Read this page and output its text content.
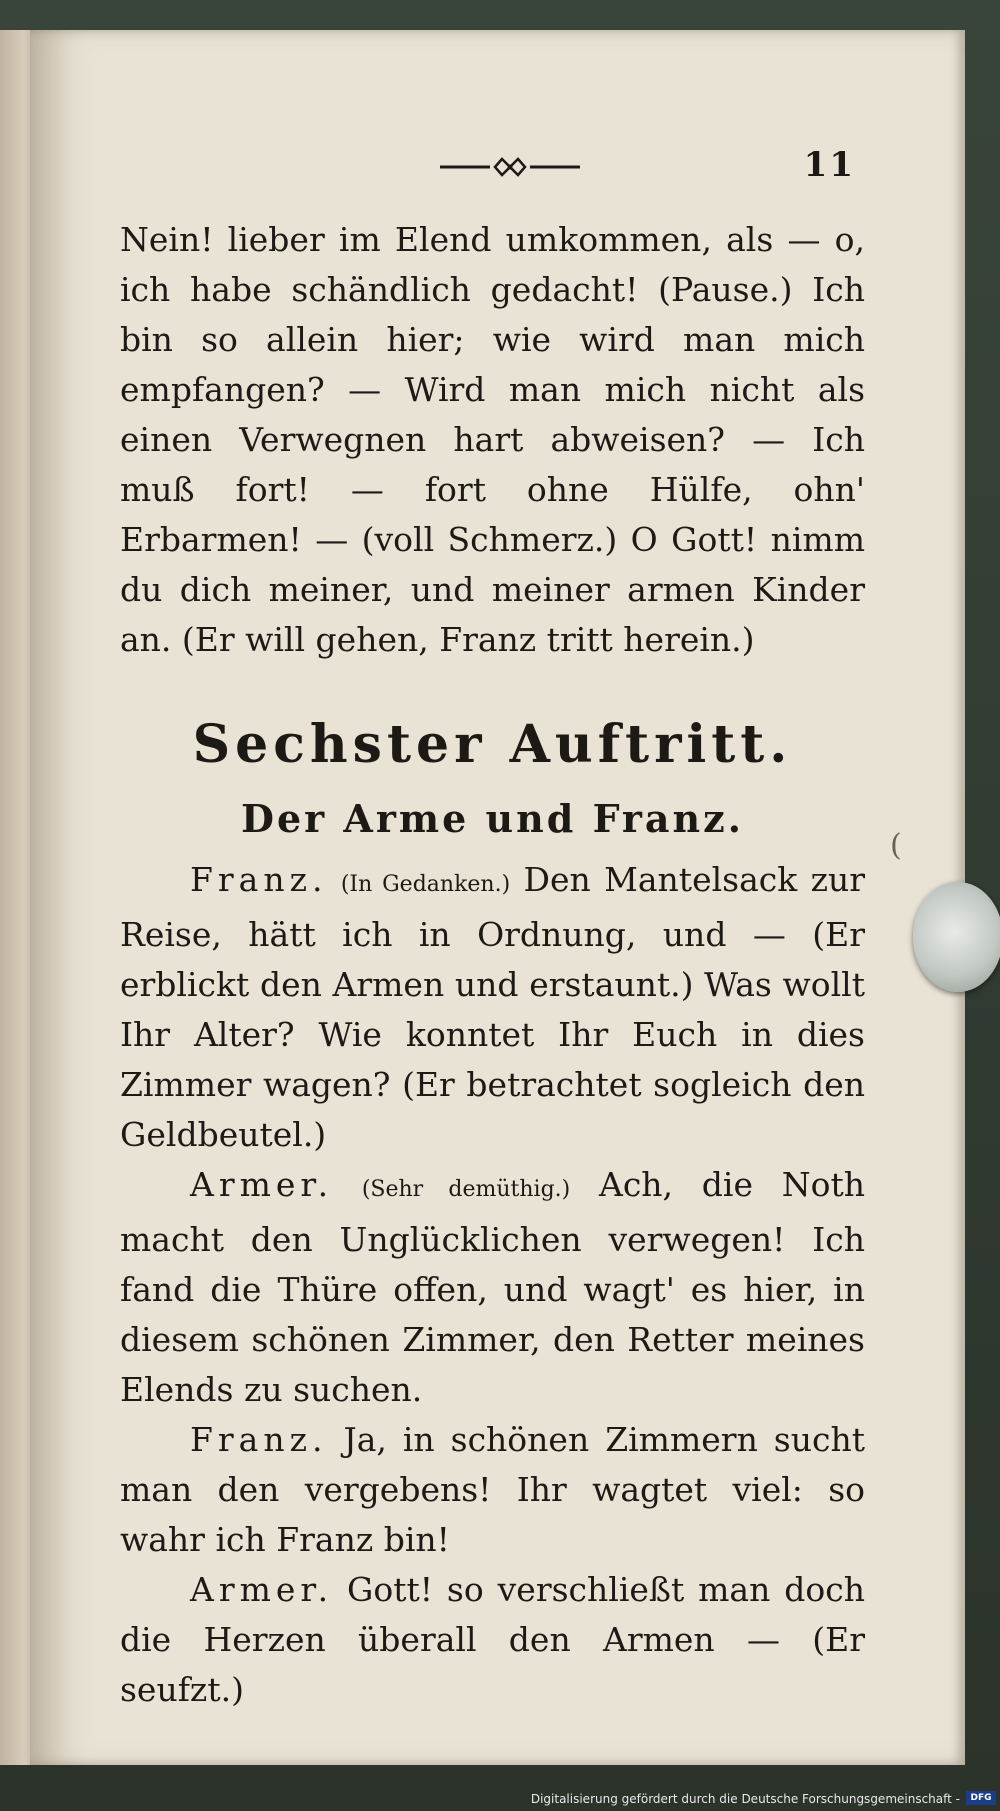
11

Nein! lieber im Elend umkommen, als — o, ich habe schändlich gedacht! (Pause.) Ich bin so allein hier; wie wird man mich empfangen? — Wird man mich nicht als einen Verwegnen hart abweisen? — Ich muß fort! — fort ohne Hülfe, ohn' Erbarmen! — (voll Schmerz.) O Gott! nimm du dich meiner, und meiner armen Kinder an. (Er will gehen, Franz tritt herein.)

Sechster Auftritt.
Der Arme und Franz.

Franz. (In Gedanken.) Den Mantelsack zur Reise, hätt ich in Ordnung, und — (Er erblickt den Armen und erstaunt.) Was wollt Ihr Alter? Wie konntet Ihr Euch in dies Zimmer wagen? (Er betrachtet sogleich den Geldbeutel.)

Armer. (Sehr demüthig.) Ach, die Noth macht den Unglücklichen verwegen! Ich fand die Thüre offen, und wagt' es hier, in diesem schönen Zimmer, den Retter meines Elends zu suchen.

Franz. Ja, in schönen Zimmern sucht man den vergebens! Ihr wagtet viel: so wahr ich Franz bin!

Armer. Gott! so verschließt man doch die Herzen überall den Armen — (Er seufzt.)

(
Digitalisierung gefördert durch die Deutsche Forschungsgemeinschaft -	DFG
